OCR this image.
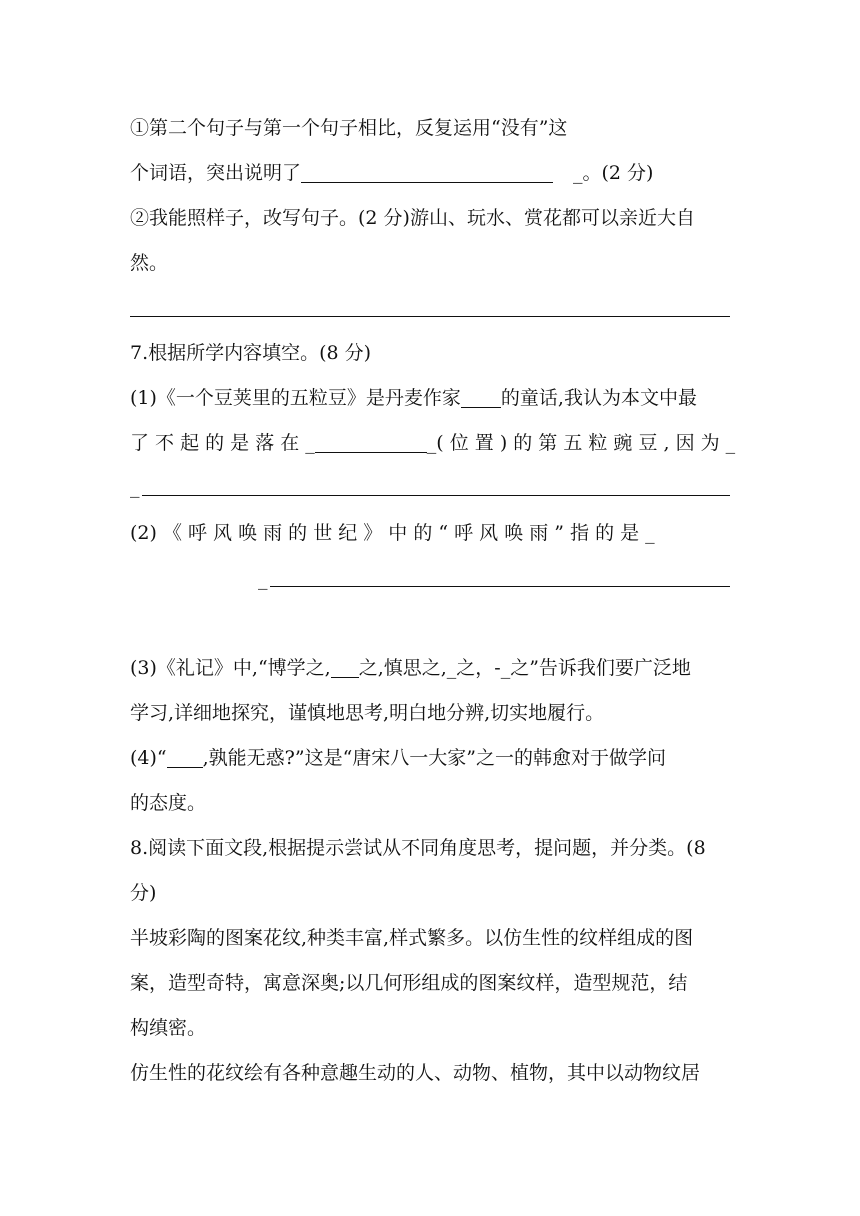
①第二个句子与第一个句子相比，反复运用“没有”这
个词语，突出说明了	_。(2 分)
②我能照样子，改写句子。(2 分)游山、玩水、赏花都可以亲近大自
然。
7.根据所学内容填空。(8 分)
(1)《一个豆荚里的五粒豆》是丹麦作家 的童话,我认为本文中最
了 不 起 的 是 落 在 _	_( 位 置 ) 的 第 五 粒 豌 豆 , 因 为 _
_
(2) 《 呼 风 唤 雨 的 世 纪 》 中 的 “ 呼 风 唤 雨 ” 指 的 是 _
_
(3)《礼记》中,“博学之, 之,慎思之,_之，-_之”告诉我们要广泛地
学习,详细地探究，谨慎地思考,明白地分辨,切实地履行。
(4)“ ,孰能无惑?”这是“唐宋八一大家”之一的韩愈对于做学问
的态度。
8.阅读下面文段,根据提示尝试从不同角度思考，提问题，并分类。(8
分)
半坡彩陶的图案花纹,种类丰富,样式繁多。以仿生性的纹样组成的图
案，造型奇特，寓意深奥;以几何形组成的图案纹样，造型规范，结
构缜密。
仿生性的花纹绘有各种意趣生动的人、动物、植物，其中以动物纹居
